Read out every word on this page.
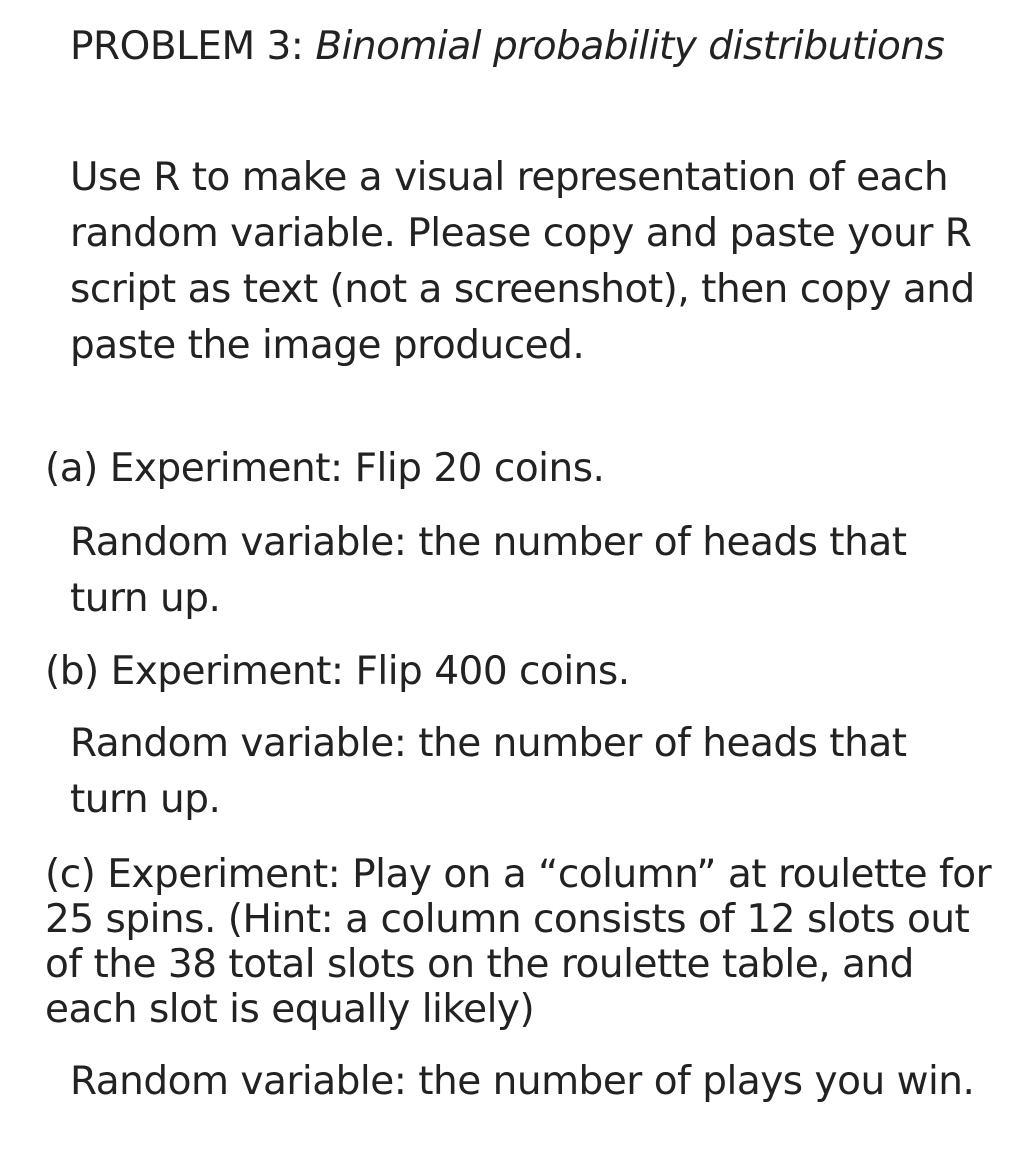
PROBLEM 3: Binomial probability distributions

Use R to make a visual representation of each random variable. Please copy and paste your R script as text (not a screenshot), then copy and paste the image produced.

(a) Experiment: Flip 20 coins.

Random variable: the number of heads that turn up.

(b) Experiment: Flip 400 coins.

Random variable: the number of heads that turn up.

(c) Experiment: Play on a “column” at roulette for 25 spins. (Hint: a column consists of 12 slots out of the 38 total slots on the roulette table, and each slot is equally likely)

Random variable: the number of plays you win.
